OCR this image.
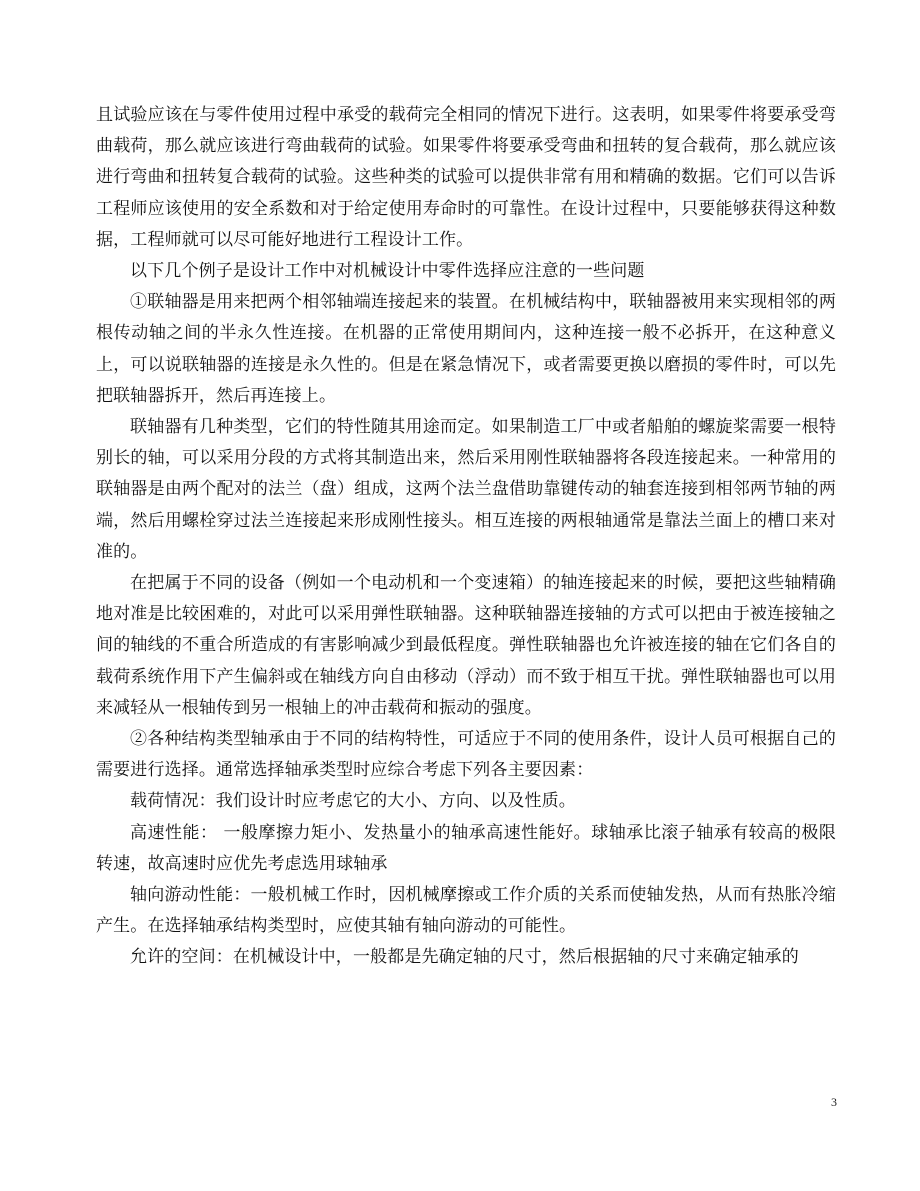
且试验应该在与零件使用过程中承受的载荷完全相同的情况下进行。这表明，如果零件将要承受弯曲载荷，那么就应该进行弯曲载荷的试验。如果零件将要承受弯曲和扭转的复合载荷，那么就应该进行弯曲和扭转复合载荷的试验。这些种类的试验可以提供非常有用和精确的数据。它们可以告诉工程师应该使用的安全系数和对于给定使用寿命时的可靠性。在设计过程中，只要能够获得这种数据，工程师就可以尽可能好地进行工程设计工作。

以下几个例子是设计工作中对机械设计中零件选择应注意的一些问题

①联轴器是用来把两个相邻轴端连接起来的装置。在机械结构中，联轴器被用来实现相邻的两根传动轴之间的半永久性连接。在机器的正常使用期间内，这种连接一般不必拆开，在这种意义上，可以说联轴器的连接是永久性的。但是在紧急情况下，或者需要更换以磨损的零件时，可以先把联轴器拆开，然后再连接上。

联轴器有几种类型，它们的特性随其用途而定。如果制造工厂中或者船舶的螺旋桨需要一根特别长的轴，可以采用分段的方式将其制造出来，然后采用刚性联轴器将各段连接起来。一种常用的联轴器是由两个配对的法兰（盘）组成，这两个法兰盘借助靠键传动的轴套连接到相邻两节轴的两端，然后用螺栓穿过法兰连接起来形成刚性接头。相互连接的两根轴通常是靠法兰面上的槽口来对准的。

在把属于不同的设备（例如一个电动机和一个变速箱）的轴连接起来的时候，要把这些轴精确地对准是比较困难的，对此可以采用弹性联轴器。这种联轴器连接轴的方式可以把由于被连接轴之间的轴线的不重合所造成的有害影响减少到最低程度。弹性联轴器也允许被连接的轴在它们各自的载荷系统作用下产生偏斜或在轴线方向自由移动（浮动）而不致于相互干扰。弹性联轴器也可以用来减轻从一根轴传到另一根轴上的冲击载荷和振动的强度。

②各种结构类型轴承由于不同的结构特性，可适应于不同的使用条件，设计人员可根据自己的需要进行选择。通常选择轴承类型时应综合考虑下列各主要因素：

载荷情况：我们设计时应考虑它的大小、方向、以及性质。

高速性能： 一般摩擦力矩小、发热量小的轴承高速性能好。球轴承比滚子轴承有较高的极限转速，故高速时应优先考虑选用球轴承

轴向游动性能：一般机械工作时，因机械摩擦或工作介质的关系而使轴发热，从而有热胀冷缩产生。在选择轴承结构类型时，应使其轴有轴向游动的可能性。

允许的空间：在机械设计中，一般都是先确定轴的尺寸，然后根据轴的尺寸来确定轴承的

3
